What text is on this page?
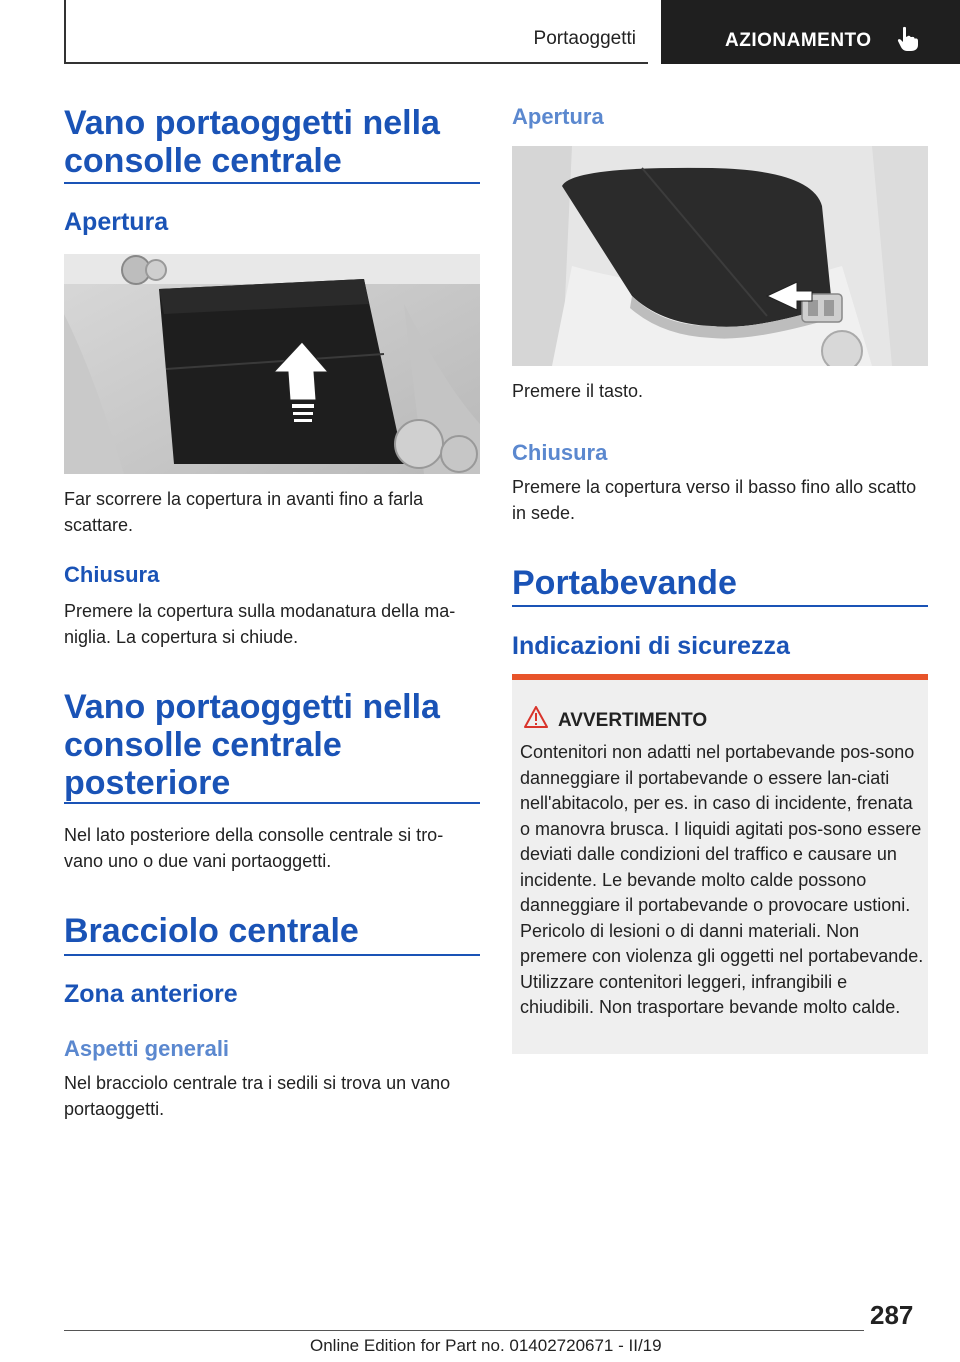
Portaoggetti	AZIONAMENTO
Vano portaoggetti nella consolle centrale
Apertura

Far scorrere la copertura in avanti fino a farla scattare.

Chiusura

Premere la copertura sulla modanatura della ma-niglia. La copertura si chiude.

Vano portaoggetti nella consolle centrale posteriore

Nel lato posteriore della consolle centrale si tro-vano uno o due vani portaoggetti.

Bracciolo centrale
Zona anteriore
Aspetti generali

Nel bracciolo centrale tra i sedili si trova un vano portaoggetti.

Apertura

Premere il tasto.

Chiusura

Premere la copertura verso il basso fino allo scatto in sede.

Portabevande
Indicazioni di sicurezza
AVVERTIMENTO

Contenitori non adatti nel portabevande pos-sono danneggiare il portabevande o essere lan-ciati nell'abitacolo, per es. in caso di incidente, frenata o manovra brusca. I liquidi agitati pos-sono essere deviati dalle condizioni del traffico e causare un incidente. Le bevande molto calde possono danneggiare il portabevande o provocare ustioni. Pericolo di lesioni o di danni materiali. Non premere con violenza gli oggetti nel portabevande. Utilizzare contenitori leggeri, infrangibili e chiudibili. Non trasportare bevande molto calde.

287
Online Edition for Part no. 01402720671 - II/19
